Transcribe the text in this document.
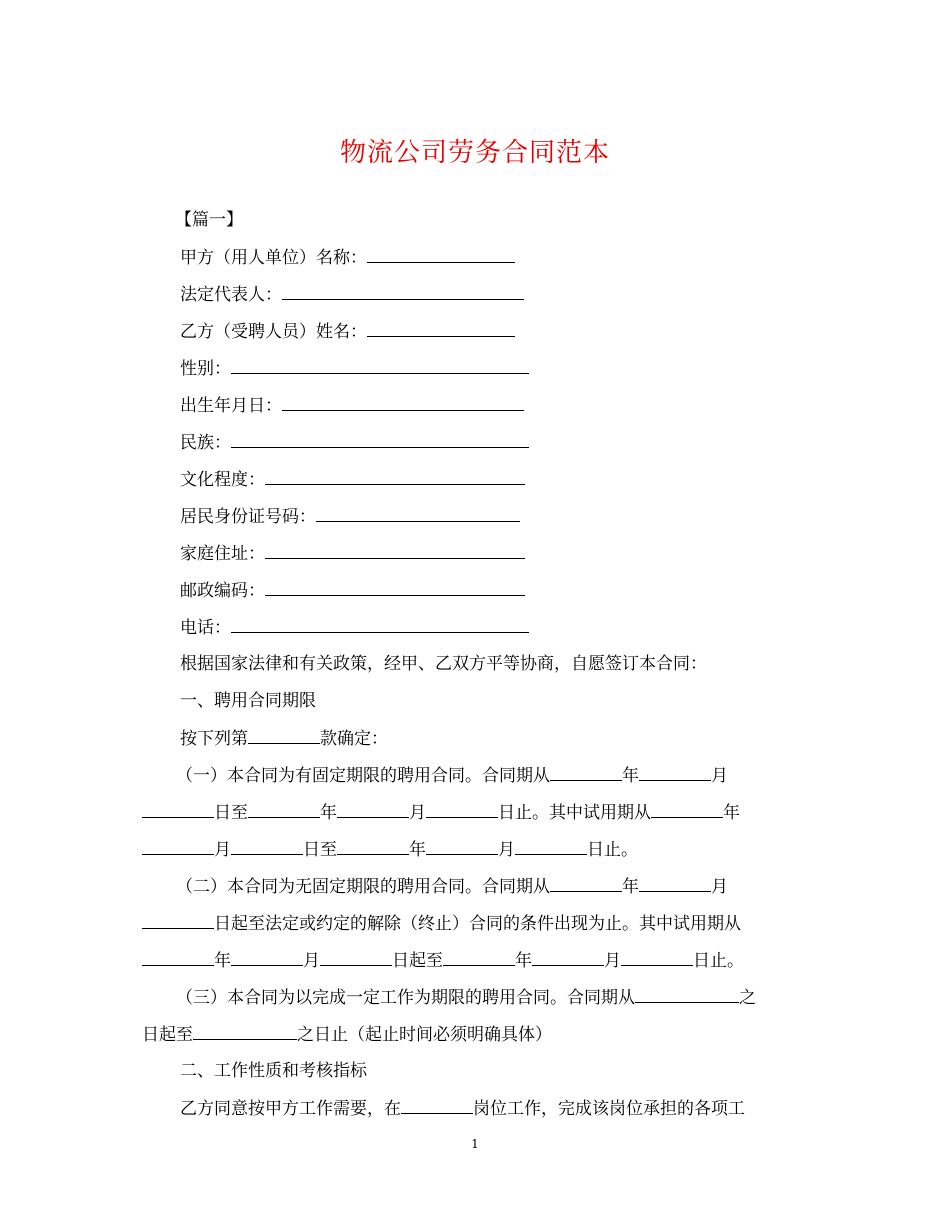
物流公司劳务合同范本
【篇一】
甲方（用人单位）名称：
法定代表人：
乙方（受聘人员）姓名：
性别：
出生年月日：
民族：
文化程度：
居民身份证号码：
家庭住址：
邮政编码：
电话：
根据国家法律和有关政策，经甲、乙双方平等协商，自愿签订本合同：
一、聘用合同期限
按下列第	款确定：
（一）本合同为有固定期限的聘用合同。合同期从	年	月
日至	年	月	日止。其中试用期从	年
月	日至	年	月	日止。
（二）本合同为无固定期限的聘用合同。合同期从	年	月
日起至法定或约定的解除（终止）合同的条件出现为止。其中试用期从
年	月	日起至	年	月	日止。
（三）本合同为以完成一定工作为期限的聘用合同。合同期从	之
日起至	之日止（起止时间必须明确具体）
二、工作性质和考核指标
乙方同意按甲方工作需要，在	岗位工作，完成该岗位承担的各项工
1
